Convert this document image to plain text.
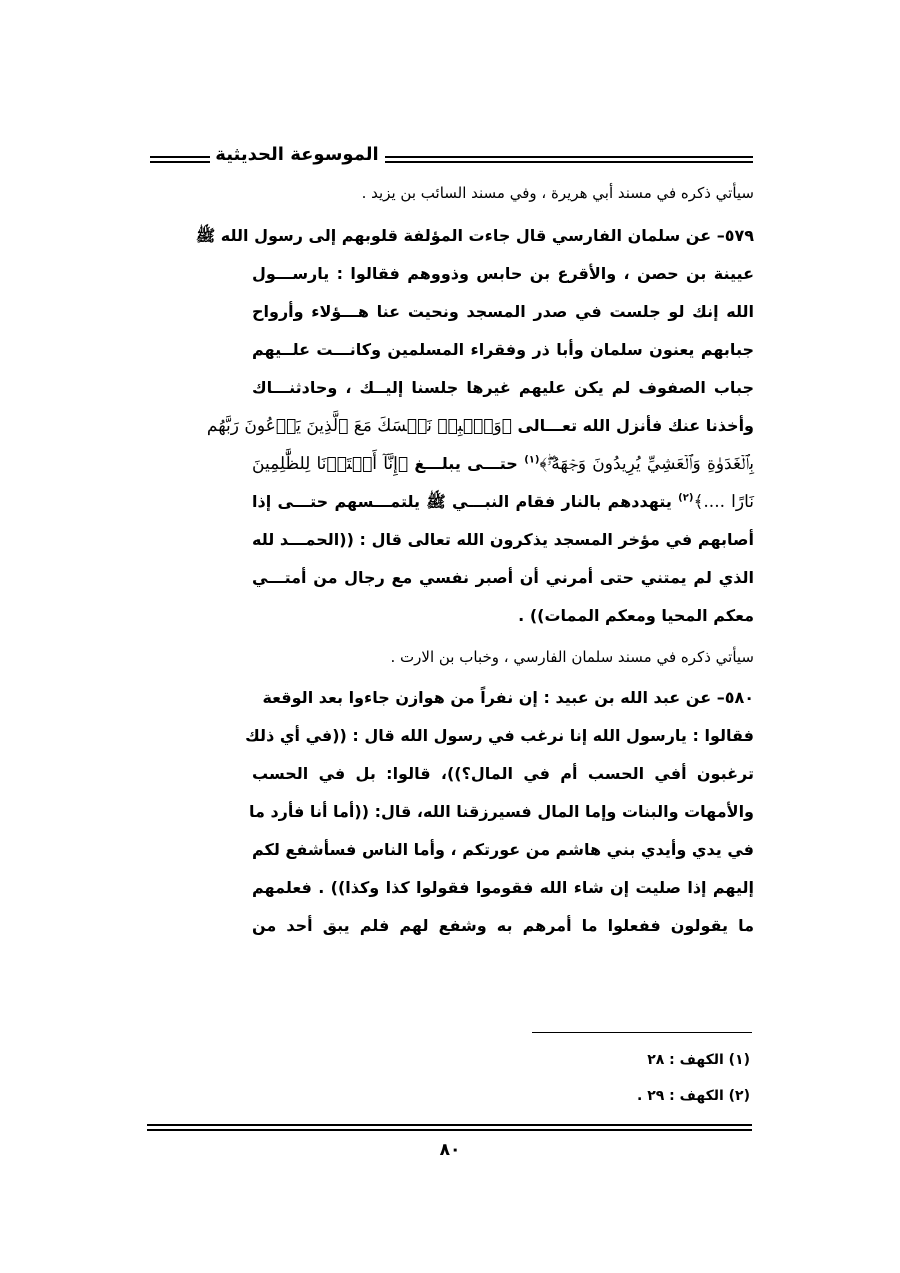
الموسوعة الحديثية
سيأتي ذكره في مسند أبي هريرة ، وفي مسند السائب بن يزيد .
٥٧٩– عن سلمان الفارسي قال جاءت المؤلفة قلوبهم إلى رسول الله ﷺ
عيينة بن حصن ، والأقرع بن حابس وذووهم فقالوا : يارســـول
الله إنك لو جلست في صدر المسجد ونحيت عنا هـــؤلاء وأرواح
جبابهم يعنون سلمان وأبا ذر وفقراء المسلمين وكانـــت علــيهم
جباب الصفوف لم يكن عليهم غيرها جلسنا إليــك ، وحادثنـــاك
وأخذنا عنك فأنزل الله تعـــالى ﴿وَٱصۡبِرۡ نَفۡسَكَ مَعَ ٱلَّذِينَ يَدۡعُونَ رَبَّهُم
بِٱلۡغَدَوٰةِ وَٱلۡعَشِيِّ يُرِيدُونَ وَجۡهَهُۥۖ﴾$^{(١)}$ حتـــى يبلـــغ ﴿إِنَّآ أَعۡتَدۡنَا لِلظَّٰلِمِينَ
نَارًا ....﴾$^{(٢)}$ يتهددهم بالنار فقام النبـــي ﷺ يلتمـــسهم حتـــى إذا
أصابهم في مؤخر المسجد يذكرون الله تعالى قال : ((الحمـــد لله
الذي لم يمتني حتى أمرني أن أصبر نفسي مع رجال من أمتـــي
معكم المحيا ومعكم الممات)) .
سيأتي ذكره في مسند سلمان الفارسي ، وخباب بن الارت .
٥٨٠– عن عبد الله بن عبيد : إن نفراً من هوازن جاءوا بعد الوقعة
فقالوا : يارسول الله إنا نرغب في رسول الله قال : ((في أي ذلك
ترغبون أفي الحسب أم في المال؟))، قالوا: بل في الحسب
والأمهات والبنات وإما المال فسيرزقنا الله، قال: ((أما أنا فأرد ما
في يدي وأيدي بني هاشم من عورتكم ، وأما الناس فسأشفع لكم
إليهم إذا صليت إن شاء الله فقوموا فقولوا كذا وكذا)) . فعلمهم
ما يقولون ففعلوا ما أمرهم به وشفع لهم فلم يبق أحد من
(١) الكهف : ٢٨
(٢) الكهف : ٢٩ .
٨٠
